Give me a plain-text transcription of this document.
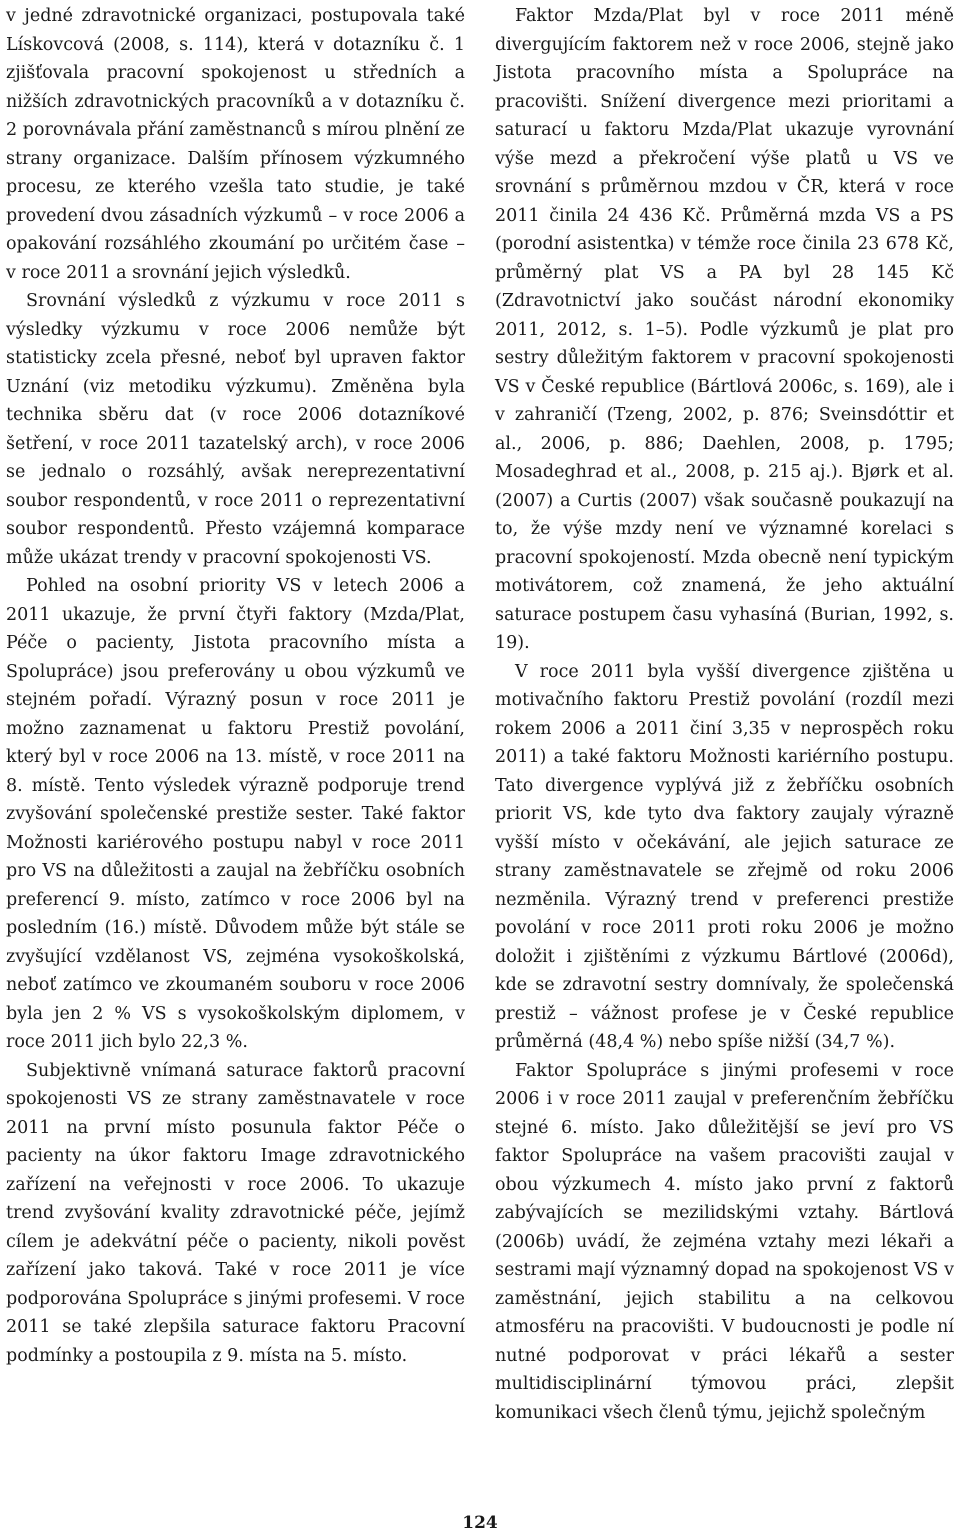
v jedné zdravotnické organizaci, postupovala také Lískovcová (2008, s. 114), která v dotazníku č. 1 zjišťovala pracovní spokojenost u středních a nižších zdravotnických pracovníků a v dotazníku č. 2 porovnávala přání zaměstnanců s mírou plnění ze strany organizace. Dalším přínosem výzkumného procesu, ze kterého vzešla tato studie, je také provedení dvou zásadních výzkumů – v roce 2006 a opakování rozsáhlého zkoumání po určitém čase – v roce 2011 a srovnání jejich výsledků.

Srovnání výsledků z výzkumu v roce 2011 s výsledky výzkumu v roce 2006 nemůže být statisticky zcela přesné, neboť byl upraven faktor Uznání (viz metodiku výzkumu). Změněna byla technika sběru dat (v roce 2006 dotazníkové šetření, v roce 2011 tazatelský arch), v roce 2006 se jednalo o rozsáhlý, avšak nereprezentativní soubor respondentů, v roce 2011 o reprezentativní soubor respondentů. Přesto vzájemná komparace může ukázat trendy v pracovní spokojenosti VS.

Pohled na osobní priority VS v letech 2006 a 2011 ukazuje, že první čtyři faktory (Mzda/Plat, Péče o pacienty, Jistota pracovního místa a Spolupráce) jsou preferovány u obou výzkumů ve stejném pořadí. Výrazný posun v roce 2011 je možno zaznamenat u faktoru Prestiž povolání, který byl v roce 2006 na 13. místě, v roce 2011 na 8. místě. Tento výsledek výrazně podporuje trend zvyšování společenské prestiže sester. Také faktor Možnosti kariérového postupu nabyl v roce 2011 pro VS na důležitosti a zaujal na žebříčku osobních preferencí 9. místo, zatímco v roce 2006 byl na posledním (16.) místě. Důvodem může být stále se zvyšující vzdělanost VS, zejména vysokoškolská, neboť zatímco ve zkoumaném souboru v roce 2006 byla jen 2 % VS s vysokoškolským diplomem, v roce 2011 jich bylo 22,3 %.

Subjektivně vnímaná saturace faktorů pracovní spokojenosti VS ze strany zaměstnavatele v roce 2011 na první místo posunula faktor Péče o pacienty na úkor faktoru Image zdravotnického zařízení na veřejnosti v roce 2006. To ukazuje trend zvyšování kvality zdravotnické péče, jejímž cílem je adekvátní péče o pacienty, nikoli pověst zařízení jako taková. Také v roce 2011 je více podporována Spolupráce s jinými profesemi. V roce 2011 se také zlepšila saturace faktoru Pracovní podmínky a postoupila z 9. místa na 5. místo.

Faktor Mzda/Plat byl v roce 2011 méně divergujícím faktorem než v roce 2006, stejně jako Jistota pracovního místa a Spolupráce na pracovišti. Snížení divergence mezi prioritami a saturací u faktoru Mzda/Plat ukazuje vyrovnání výše mezd a překročení výše platů u VS ve srovnání s průměrnou mzdou v ČR, která v roce 2011 činila 24 436 Kč. Průměrná mzda VS a PS (porodní asistentka) v témže roce činila 23 678 Kč, průměrný plat VS a PA byl 28 145 Kč (Zdravotnictví jako součást národní ekonomiky 2011, 2012, s. 1–5). Podle výzkumů je plat pro sestry důležitým faktorem v pracovní spokojenosti VS v České republice (Bártlová 2006c, s. 169), ale i v zahraničí (Tzeng, 2002, p. 876; Sveinsdóttir et al., 2006, p. 886; Daehlen, 2008, p. 1795; Mosadeghrad et al., 2008, p. 215 aj.). Bjørk et al. (2007) a Curtis (2007) však současně poukazují na to, že výše mzdy není ve významné korelaci s pracovní spokojeností. Mzda obecně není typickým motivátorem, což znamená, že jeho aktuální saturace postupem času vyhasíná (Burian, 1992, s. 19).

V roce 2011 byla vyšší divergence zjištěna u motivačního faktoru Prestiž povolání (rozdíl mezi rokem 2006 a 2011 činí 3,35 v neprospěch roku 2011) a také faktoru Možnosti kariérního postupu. Tato divergence vyplývá již z žebříčku osobních priorit VS, kde tyto dva faktory zaujaly výrazně vyšší místo v očekávání, ale jejich saturace ze strany zaměstnavatele se zřejmě od roku 2006 nezměnila. Výrazný trend v preferenci prestiže povolání v roce 2011 proti roku 2006 je možno doložit i zjištěními z výzkumu Bártlové (2006d), kde se zdravotní sestry domnívaly, že společenská prestiž – vážnost profese je v České republice průměrná (48,4 %) nebo spíše nižší (34,7 %).

Faktor Spolupráce s jinými profesemi v roce 2006 i v roce 2011 zaujal v preferenčním žebříčku stejné 6. místo. Jako důležitější se jeví pro VS faktor Spolupráce na vašem pracovišti zaujal v obou výzkumech 4. místo jako první z faktorů zabývajících se mezilidskými vztahy. Bártlová (2006b) uvádí, že zejména vztahy mezi lékaři a sestrami mají významný dopad na spokojenost VS v zaměstnání, jejich stabilitu a na celkovou atmosféru na pracovišti. V budoucnosti je podle ní nutné podporovat v práci lékařů a sester multidisciplinární týmovou práci, zlepšit komunikaci všech členů týmu, jejichž společným

124
